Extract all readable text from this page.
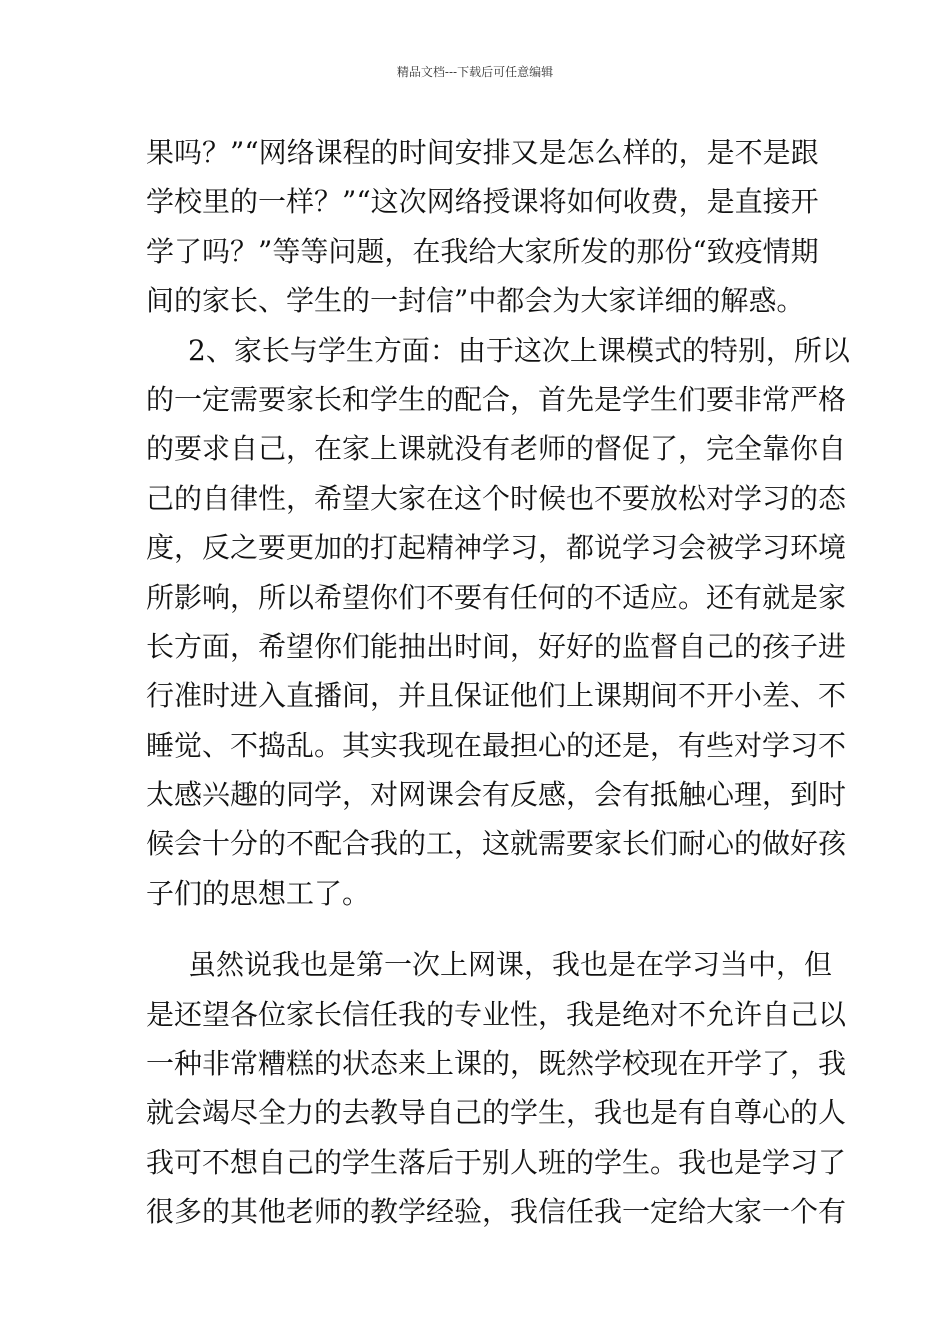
精品文档---下载后可任意编辑
果吗？”“网络课程的时间安排又是怎么样的，是不是跟
学校里的一样？”“这次网络授课将如何收费，是直接开
学了吗？”等等问题，在我给大家所发的那份“致疫情期
间的家长、学生的一封信”中都会为大家详细的解惑。
2、家长与学生方面：由于这次上课模式的特别，所以
的一定需要家长和学生的配合，首先是学生们要非常严格
的要求自己，在家上课就没有老师的督促了，完全靠你自
己的自律性，希望大家在这个时候也不要放松对学习的态
度，反之要更加的打起精神学习，都说学习会被学习环境
所影响，所以希望你们不要有任何的不适应。还有就是家
长方面，希望你们能抽出时间，好好的监督自己的孩子进
行准时进入直播间，并且保证他们上课期间不开小差、不
睡觉、不捣乱。其实我现在最担心的还是，有些对学习不
太感兴趣的同学，对网课会有反感，会有抵触心理，到时
候会十分的不配合我的工，这就需要家长们耐心的做好孩
子们的思想工了。
虽然说我也是第一次上网课，我也是在学习当中，但
是还望各位家长信任我的专业性，我是绝对不允许自己以
一种非常糟糕的状态来上课的，既然学校现在开学了，我
就会竭尽全力的去教导自己的学生，我也是有自尊心的人
我可不想自己的学生落后于别人班的学生。我也是学习了
很多的其他老师的教学经验，我信任我一定给大家一个有
